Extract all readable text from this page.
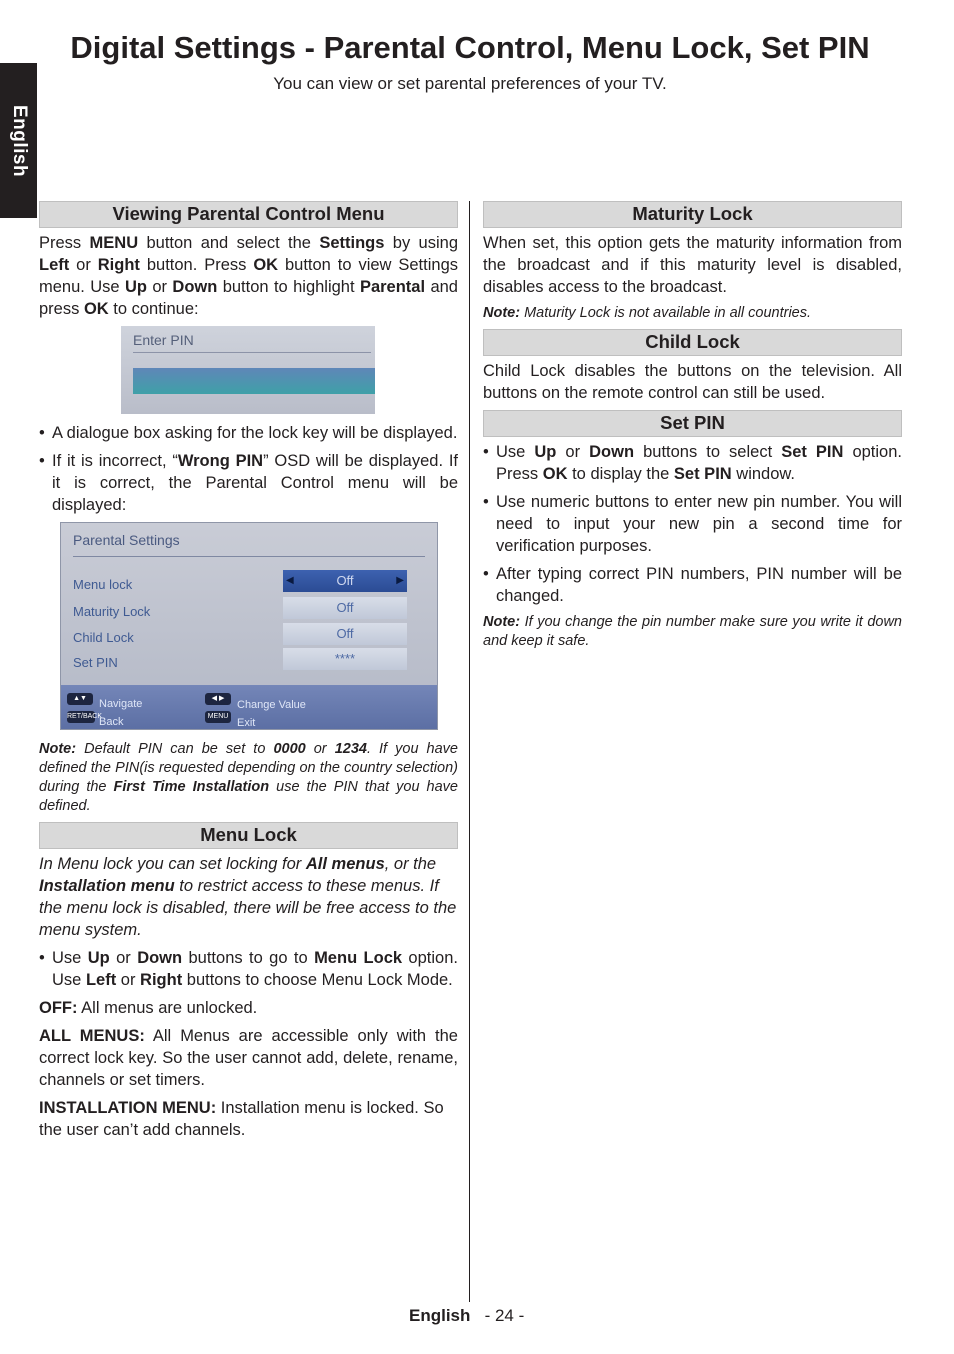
English
Digital Settings - Parental Control, Menu Lock, Set PIN

You can view or set parental preferences of your TV.

Viewing Parental Control Menu

Press MENU button and select the Settings by using Left or Right button. Press OK button to view Settings menu. Use Up or Down button to highlight Parental and press OK to continue:

Enter PIN
• A dialogue box asking for the lock key will be displayed.
• If it is incorrect, “Wrong PIN” OSD will be displayed. If it is correct, the Parental Control menu will be displayed:
Parental Settings
Menu lock	◀	Off	▶
Maturity Lock	Off
Child Lock	Off
Set PIN	****
▲▼	Navigate	◀ ▶
Change Value
RET/BACK
Back	MENU
Exit

Note: Default PIN can be set to 0000 or 1234. If you have defined the PIN(is requested depending on the country selection) during the First Time Installation use the PIN that you have defined.

Menu Lock

In Menu lock you can set locking for All menus, or the Installation menu to restrict access to these menus. If the menu lock is disabled, there will be free access to the menu system.

• Use Up or Down buttons to go to Menu Lock option. Use Left or Right buttons to choose Menu Lock Mode.

OFF: All menus are unlocked.

ALL MENUS: All Menus are accessible only with the correct lock key. So the user cannot add, delete, rename, channels or set timers.

INSTALLATION MENU: Installation menu is locked. So the user can’t add channels.

Maturity Lock

When set, this option gets the maturity information from the broadcast and if this maturity level is disabled, disables access to the broadcast.

Note: Maturity Lock is not available in all countries.

Child Lock

Child Lock disables the buttons on the television. All buttons on the remote control can still be used.

Set PIN
• Use Up or Down buttons to select Set PIN option. Press OK to display the Set PIN window.
• Use numeric buttons to enter new pin number. You will need to input your new pin a second time for verification purposes.
• After typing correct PIN numbers, PIN number will be changed.

Note: If you change the pin number make sure you write it down and keep it safe.

English - 24 -
